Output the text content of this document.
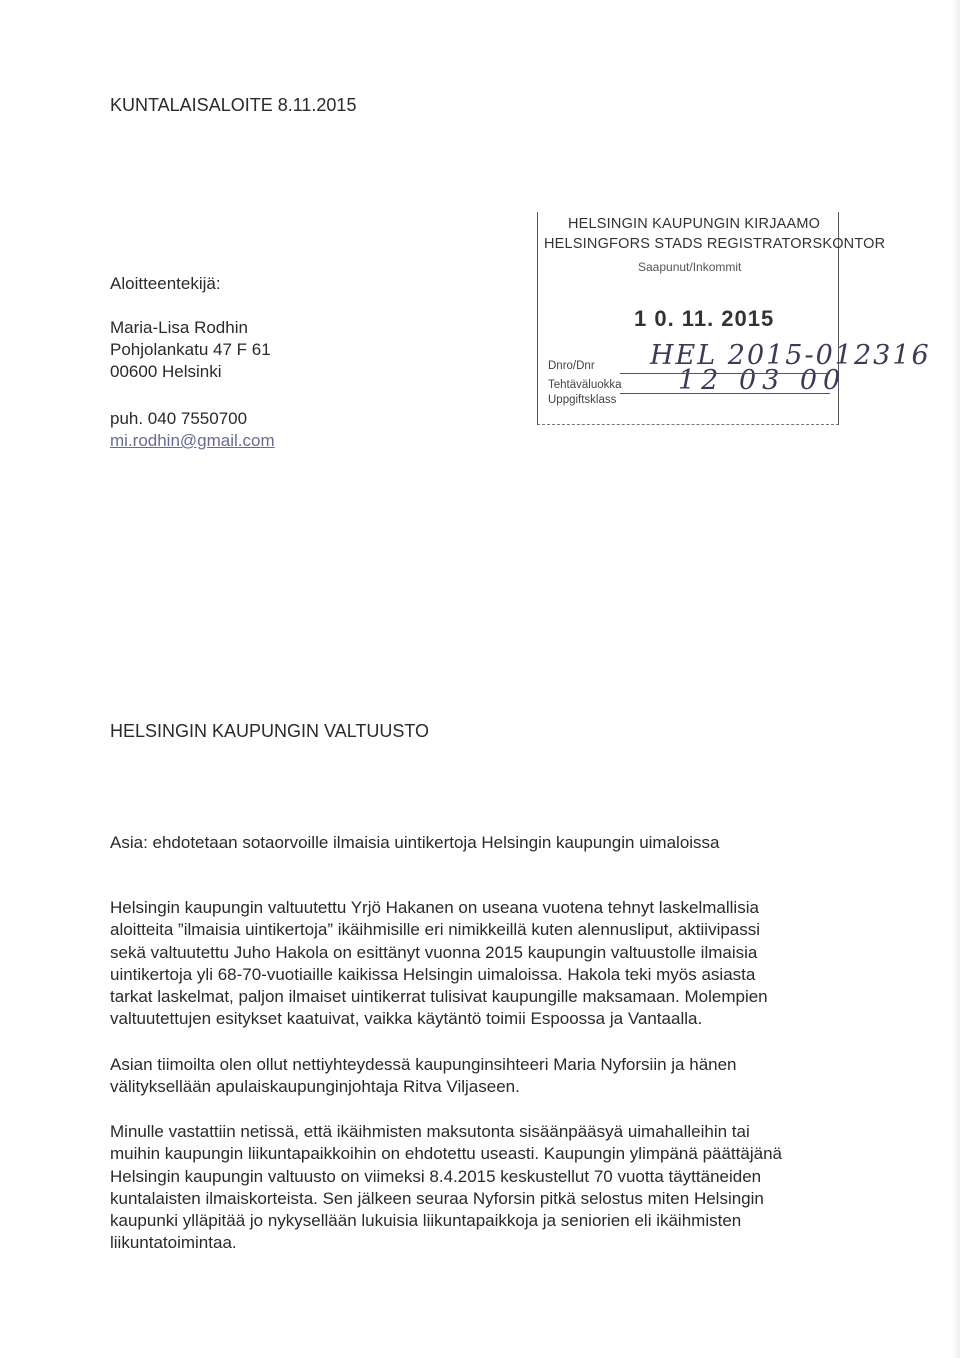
KUNTALAISALOITE 8.11.2015
Aloitteentekijä:
Maria-Lisa Rodhin
Pohjolankatu 47 F 61
00600 Helsinki
puh. 040 7550700
mi.rodhin@gmail.com
HELSINGIN KAUPUNGIN KIRJAAMO
HELSINGFORS STADS REGISTRATORSKONTOR
Saapunut/Inkommit
1 0. 11. 2015
HEL 2015-012316
12 03 00
Dnro/Dnr
Tehtäväluokka
Uppgiftsklass
HELSINGIN KAUPUNGIN VALTUUSTO
Asia: ehdotetaan sotaorvoille ilmaisia uintikertoja Helsingin kaupungin uimaloissa
Helsingin kaupungin valtuutettu Yrjö Hakanen on useana vuotena tehnyt laskelmallisia
aloitteita ”ilmaisia uintikertoja” ikäihmisille eri nimikkeillä kuten alennusliput, aktiivipassi
sekä valtuutettu Juho Hakola on esittänyt vuonna 2015 kaupungin valtuustolle ilmaisia
uintikertoja yli 68-70-vuotiaille kaikissa Helsingin uimaloissa. Hakola teki myös asiasta
tarkat laskelmat, paljon ilmaiset uintikerrat tulisivat kaupungille maksamaan. Molempien
valtuutettujen esitykset kaatuivat, vaikka käytäntö toimii Espoossa ja Vantaalla.
Asian tiimoilta olen ollut nettiyhteydessä kaupunginsihteeri Maria Nyforsiin ja hänen
välityksellään apulaiskaupunginjohtaja Ritva Viljaseen.
Minulle vastattiin netissä, että ikäihmisten maksutonta sisäänpääsyä uimahalleihin tai
muihin kaupungin liikuntapaikkoihin on ehdotettu useasti. Kaupungin ylimpänä päättäjänä
Helsingin kaupungin valtuusto on viimeksi 8.4.2015 keskustellut 70 vuotta täyttäneiden
kuntalaisten ilmaiskorteista. Sen jälkeen seuraa Nyforsin pitkä selostus miten Helsingin
kaupunki ylläpitää jo nykysellään lukuisia liikuntapaikkoja ja seniorien eli ikäihmisten
liikuntatoimintaa.
